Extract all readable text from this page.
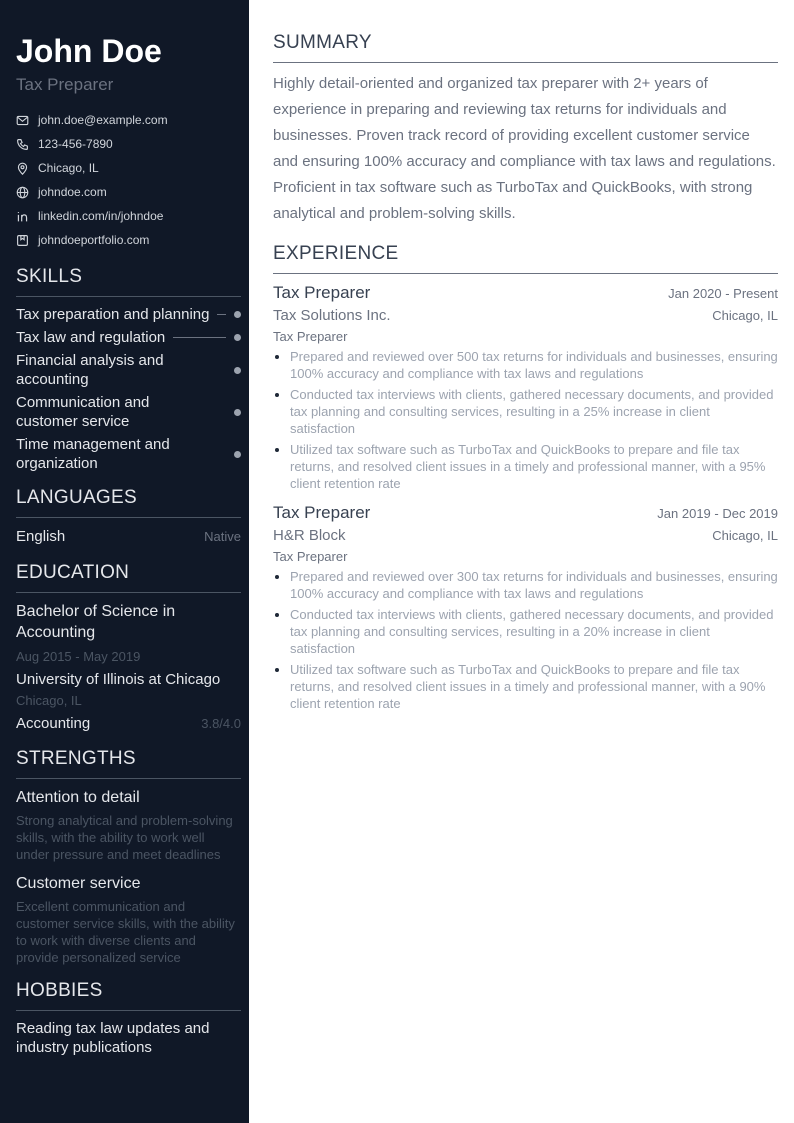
John Doe
Tax Preparer
john.doe@example.com
123-456-7890
Chicago, IL
johndoe.com
linkedin.com/in/johndoe
johndoeportfolio.com
SKILLS
Tax preparation and planning
Tax law and regulation
Financial analysis and accounting
Communication and customer service
Time management and organization
LANGUAGES
English	Native
EDUCATION
Bachelor of Science in Accounting
Aug 2015 - May 2019
University of Illinois at Chicago
Chicago, IL
Accounting	3.8/4.0
STRENGTHS
Attention to detail
Strong analytical and problem-solving skills, with the ability to work well under pressure and meet deadlines
Customer service
Excellent communication and customer service skills, with the ability to work with diverse clients and provide personalized service
HOBBIES
Reading tax law updates and industry publications
SUMMARY
Highly detail-oriented and organized tax preparer with 2+ years of experience in preparing and reviewing tax returns for individuals and businesses. Proven track record of providing excellent customer service and ensuring 100% accuracy and compliance with tax laws and regulations. Proficient in tax software such as TurboTax and QuickBooks, with strong analytical and problem-solving skills.
EXPERIENCE
Tax Preparer	Jan 2020 - Present
Tax Solutions Inc.	Chicago, IL
Tax Preparer
• Prepared and reviewed over 500 tax returns for individuals and businesses, ensuring 100% accuracy and compliance with tax laws and regulations
• Conducted tax interviews with clients, gathered necessary documents, and provided tax planning and consulting services, resulting in a 25% increase in client satisfaction
• Utilized tax software such as TurboTax and QuickBooks to prepare and file tax returns, and resolved client issues in a timely and professional manner, with a 95% client retention rate
Tax Preparer	Jan 2019 - Dec 2019
H&R Block	Chicago, IL
Tax Preparer
• Prepared and reviewed over 300 tax returns for individuals and businesses, ensuring 100% accuracy and compliance with tax laws and regulations
• Conducted tax interviews with clients, gathered necessary documents, and provided tax planning and consulting services, resulting in a 20% increase in client satisfaction
• Utilized tax software such as TurboTax and QuickBooks to prepare and file tax returns, and resolved client issues in a timely and professional manner, with a 90% client retention rate
